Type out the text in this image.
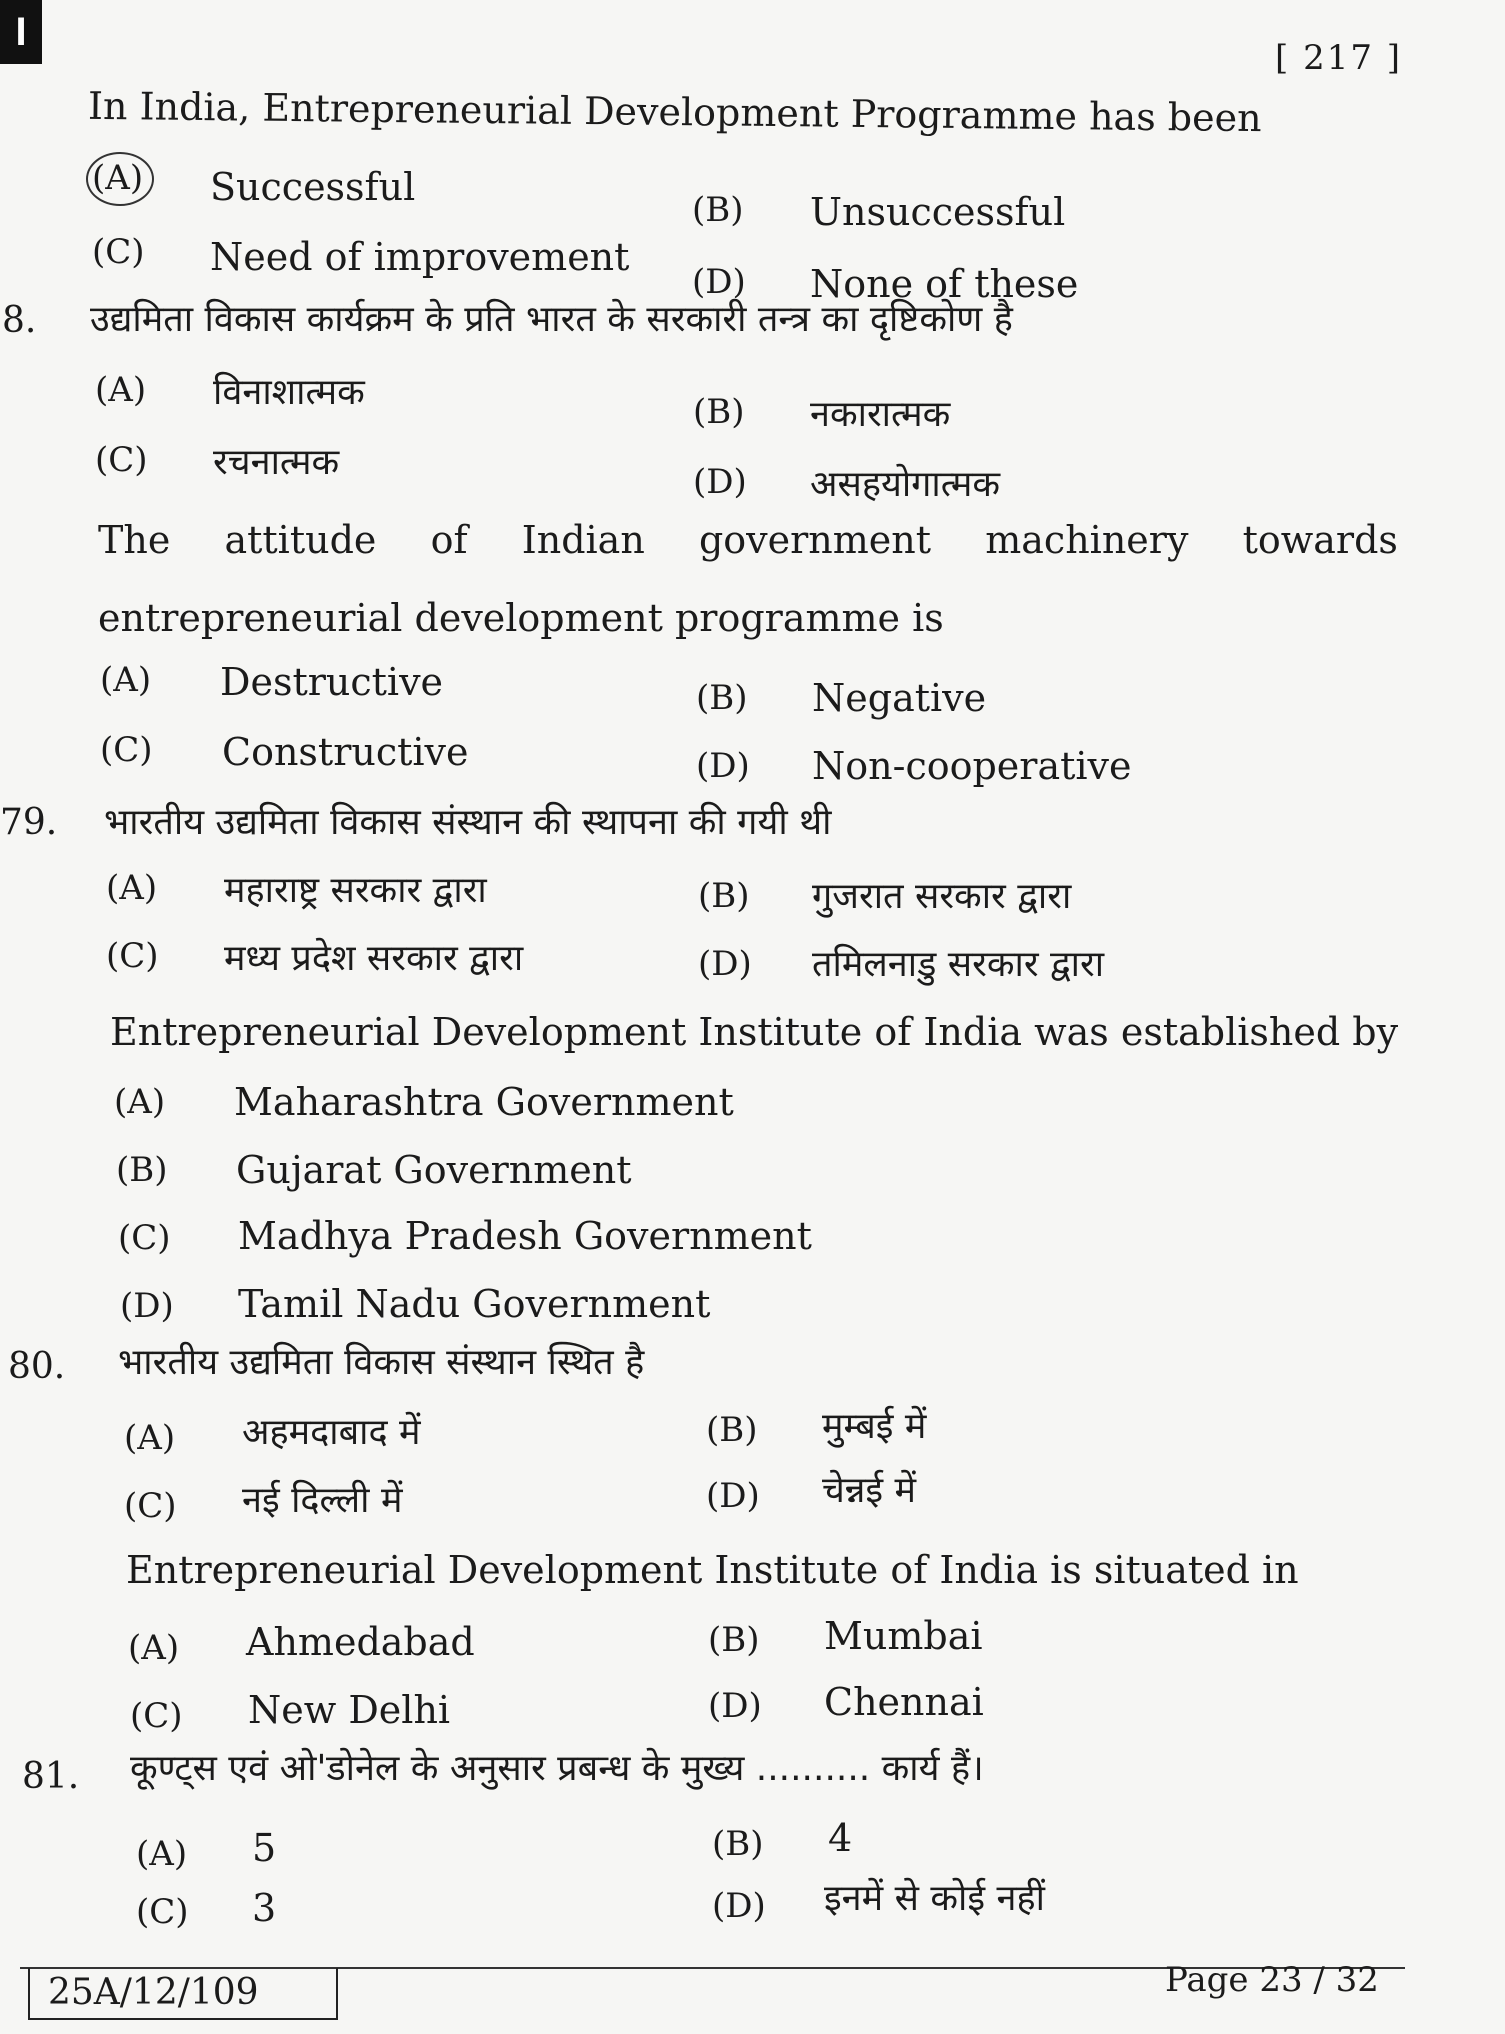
I
[ 217 ]
In India, Entrepreneurial Development Programme has been
(A) Successful
(B) Unsuccessful
(C) Need of improvement
(D) None of these
8. उद्यमिता विकास कार्यक्रम के प्रति भारत के सरकारी तन्त्र का दृष्टिकोण है
(A) विनाशात्मक	(B) नकारात्मक
(C) रचनात्मक	(D) असहयोगात्मक
The attitude of Indian government machinery towards
entrepreneurial development programme is
(A) Destructive	(B) Negative
(C) Constructive	(D) Non-cooperative
79. भारतीय उद्यमिता विकास संस्थान की स्थापना की गयी थी
(A) महाराष्ट्र सरकार द्वारा	(B) गुजरात सरकार द्वारा
(C) मध्य प्रदेश सरकार द्वारा	(D) तमिलनाडु सरकार द्वारा
Entrepreneurial Development Institute of India was established by
(A) Maharashtra Government
(B) Gujarat Government
(C) Madhya Pradesh Government
(D) Tamil Nadu Government
80. भारतीय उद्यमिता विकास संस्थान स्थित है
(A) अहमदाबाद में	(B) मुम्बई में
(C) नई दिल्ली में	(D) चेन्नई में
Entrepreneurial Development Institute of India is situated in
(A) Ahmedabad	(B) Mumbai
(C) New Delhi	(D) Chennai
81. कूण्ट्स एवं ओ'डोनेल के अनुसार प्रबन्ध के मुख्य .......... कार्य हैं।
(A) 5	(B) 4
(C) 3	(D) इनमें से कोई नहीं
25A/12/109	Page 23 / 32
